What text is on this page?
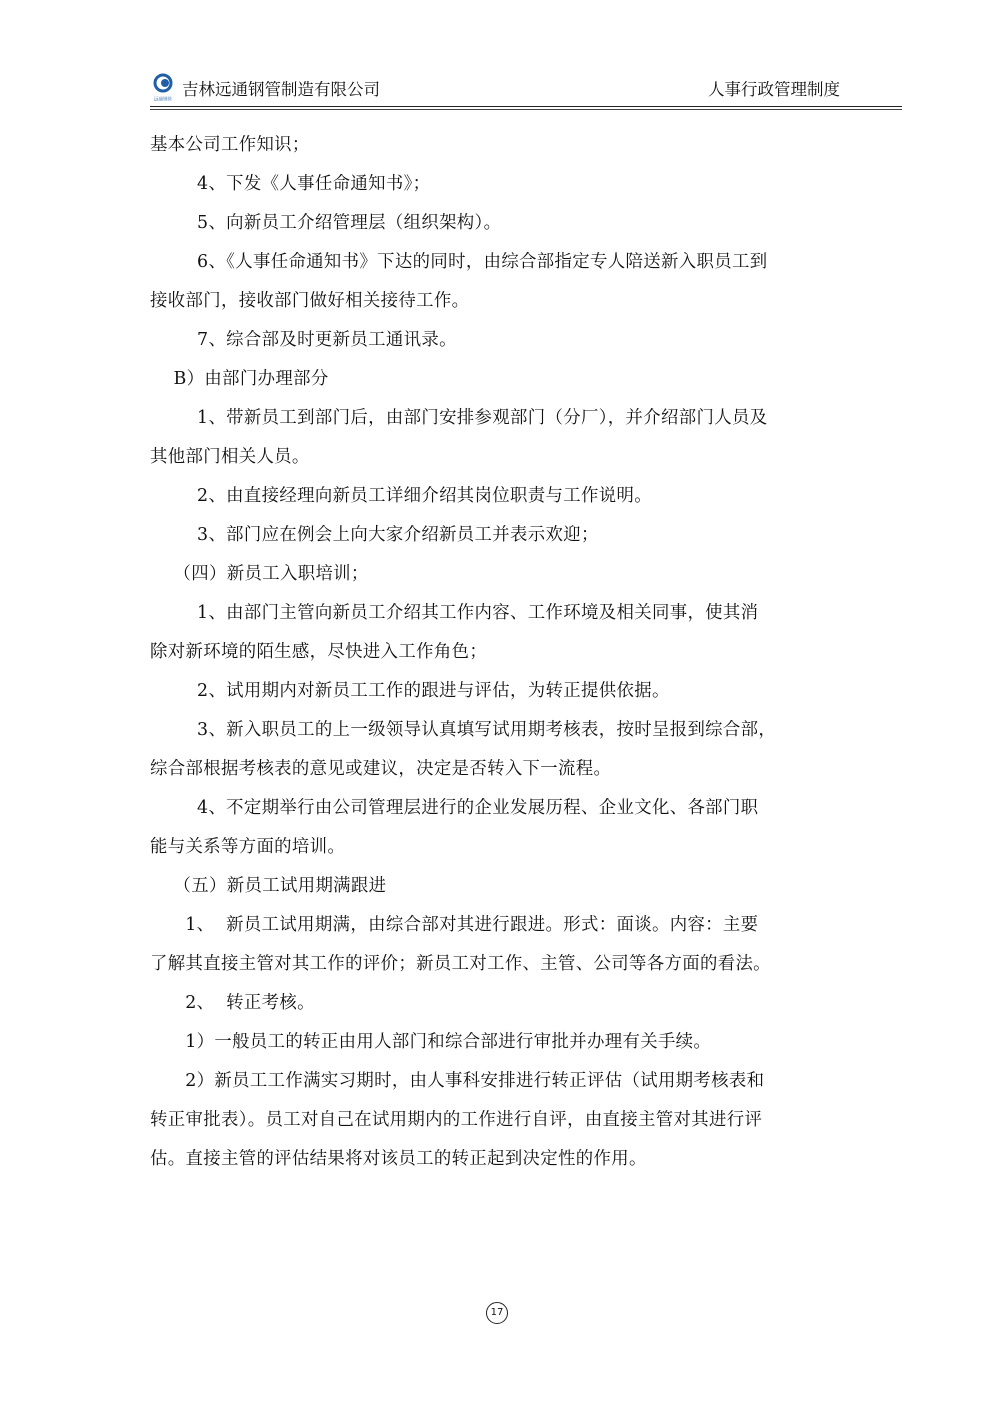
远通钢管
吉林远通钢管制造有限公司	人事行政管理制度
基本公司工作知识；
4、下发《人事任命通知书》；
5、向新员工介绍管理层（组织架构）。
6、《人事任命通知书》下达的同时，由综合部指定专人陪送新入职员工到
接收部门，接收部门做好相关接待工作。
7、综合部及时更新员工通讯录。
B）由部门办理部分
1、带新员工到部门后，由部门安排参观部门（分厂），并介绍部门人员及
其他部门相关人员。
2、由直接经理向新员工详细介绍其岗位职责与工作说明。
3、部门应在例会上向大家介绍新员工并表示欢迎；
（四）新员工入职培训；
1、由部门主管向新员工介绍其工作内容、工作环境及相关同事，使其消
除对新环境的陌生感，尽快进入工作角色；
2、试用期内对新员工工作的跟进与评估，为转正提供依据。
3、新入职员工的上一级领导认真填写试用期考核表，按时呈报到综合部，
综合部根据考核表的意见或建议，决定是否转入下一流程。
4、不定期举行由公司管理层进行的企业发展历程、企业文化、各部门职
能与关系等方面的培训。
（五）新员工试用期满跟进
1、  新员工试用期满，由综合部对其进行跟进。形式：面谈。内容：主要
了解其直接主管对其工作的评价；新员工对工作、主管、公司等各方面的看法。
2、  转正考核。
1）一般员工的转正由用人部门和综合部进行审批并办理有关手续。
2）新员工工作满实习期时，由人事科安排进行转正评估（试用期考核表和
转正审批表）。员工对自己在试用期内的工作进行自评，由直接主管对其进行评
估。直接主管的评估结果将对该员工的转正起到决定性的作用。
17
